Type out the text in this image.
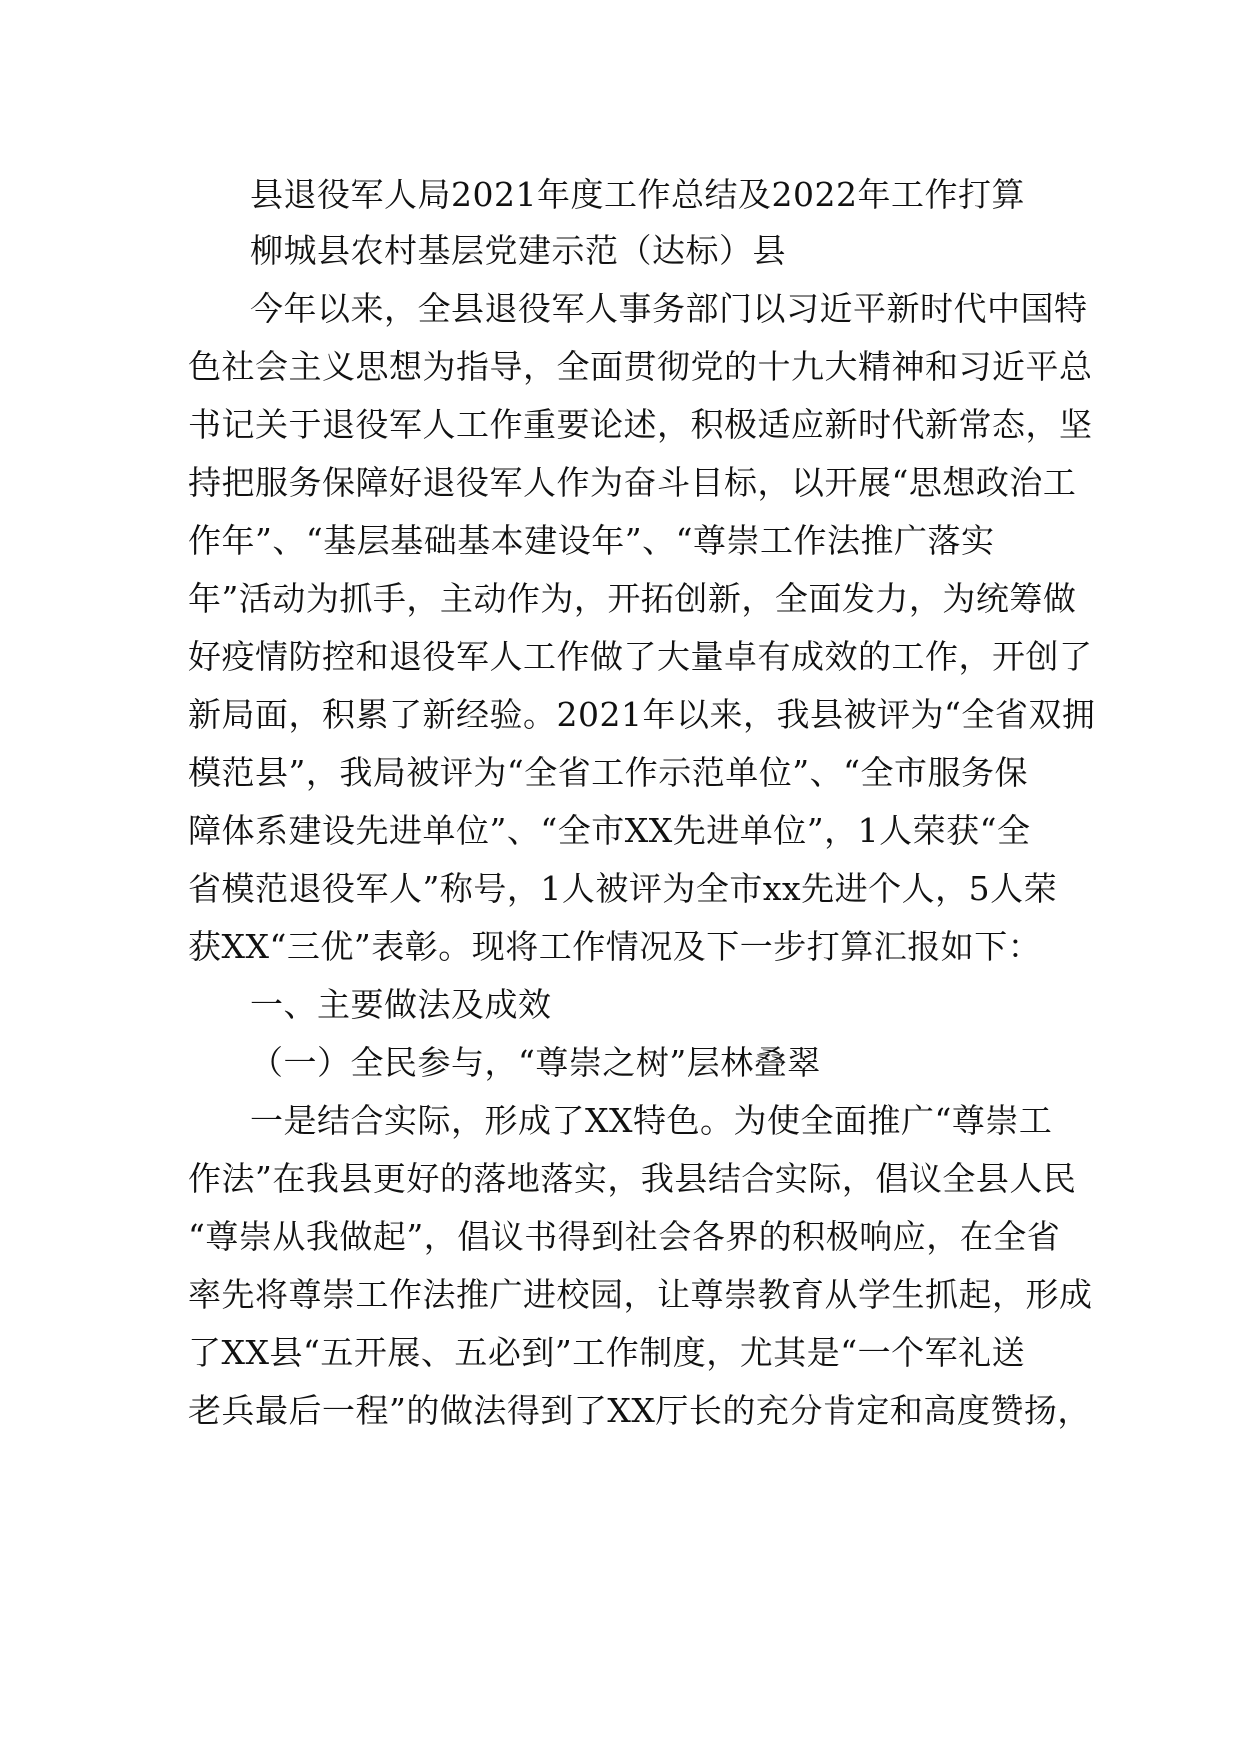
县退役军人局2021年度工作总结及2022年工作打算
柳城县农村基层党建示范（达标）县
今年以来，全县退役军人事务部门以习近平新时代中国特
色社会主义思想为指导，全面贯彻党的十九大精神和习近平总
书记关于退役军人工作重要论述，积极适应新时代新常态，坚
持把服务保障好退役军人作为奋斗目标，以开展“思想政治工
作年”、“基层基础基本建设年”、“尊崇工作法推广落实
年”活动为抓手，主动作为，开拓创新，全面发力，为统筹做
好疫情防控和退役军人工作做了大量卓有成效的工作，开创了
新局面，积累了新经验。2021年以来，我县被评为“全省双拥
模范县”，我局被评为“全省工作示范单位”、“全市服务保
障体系建设先进单位”、“全市XX先进单位”，1人荣获“全
省模范退役军人”称号，1人被评为全市xx先进个人，5人荣
获XX“三优”表彰。现将工作情况及下一步打算汇报如下：
一、主要做法及成效
（一）全民参与，“尊崇之树”层林叠翠
一是结合实际，形成了XX特色。为使全面推广“尊崇工
作法”在我县更好的落地落实，我县结合实际，倡议全县人民
“尊崇从我做起”，倡议书得到社会各界的积极响应，在全省
率先将尊崇工作法推广进校园，让尊崇教育从学生抓起，形成
了XX县“五开展、五必到”工作制度，尤其是“一个军礼送
老兵最后一程”的做法得到了XX厅长的充分肯定和高度赞扬，
